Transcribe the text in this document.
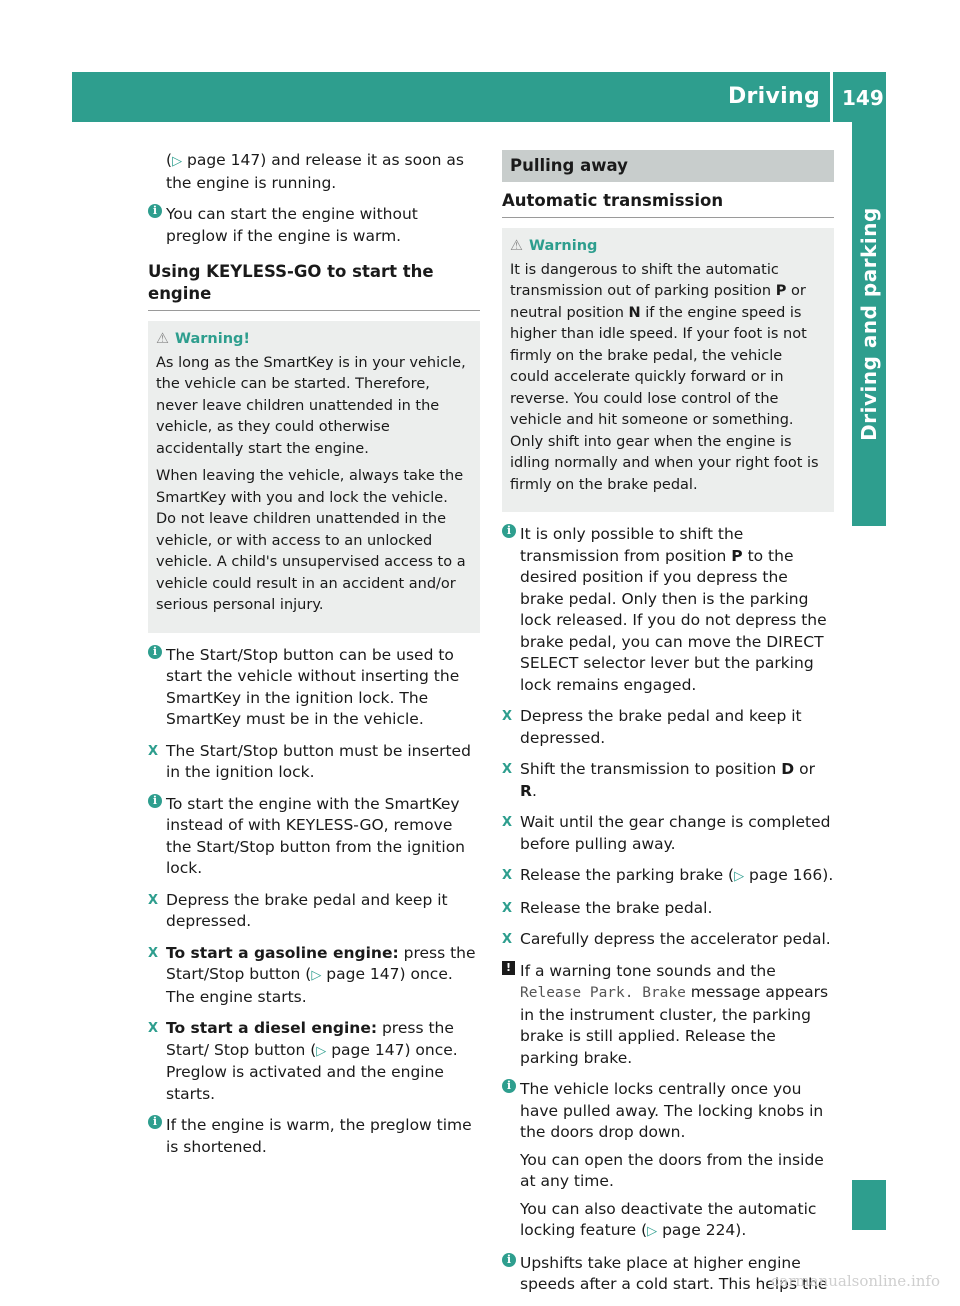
Driving 149
Driving and parking

(▷ page 147) and release it as soon as the engine is running.

i You can start the engine without preglow if the engine is warm.
Using KEYLESS-GO to start the engine
⚠ Warning!

As long as the SmartKey is in your vehicle, the vehicle can be started. Therefore, never leave children unattended in the vehicle, as they could otherwise accidentally start the engine.

When leaving the vehicle, always take the SmartKey with you and lock the vehicle. Do not leave children unattended in the vehicle, or with access to an unlocked vehicle. A child's unsupervised access to a vehicle could result in an accident and/or serious personal injury.

i The Start/Stop button can be used to start the vehicle without inserting the SmartKey in the ignition lock. The SmartKey must be in the vehicle.
X The Start/Stop button must be inserted in the ignition lock.
i To start the engine with the SmartKey instead of with KEYLESS-GO, remove the Start/Stop button from the ignition lock.
X Depress the brake pedal and keep it depressed.
X To start a gasoline engine: press the Start/Stop button (▷ page 147) once.
The engine starts.
X To start a diesel engine: press the Start/ Stop button (▷ page 147) once.
Preglow is activated and the engine starts.
i If the engine is warm, the preglow time is shortened.
Pulling away
Automatic transmission
⚠ Warning

It is dangerous to shift the automatic transmission out of parking position P or neutral position N if the engine speed is higher than idle speed. If your foot is not firmly on the brake pedal, the vehicle could accelerate quickly forward or in reverse. You could lose control of the vehicle and hit someone or something. Only shift into gear when the engine is idling normally and when your right foot is firmly on the brake pedal.

i It is only possible to shift the transmission from position P to the desired position if you depress the brake pedal. Only then is the parking lock released. If you do not depress the brake pedal, you can move the DIRECT SELECT selector lever but the parking lock remains engaged.
X Depress the brake pedal and keep it depressed.
X Shift the transmission to position D or R.
X Wait until the gear change is completed before pulling away.
X Release the parking brake (▷ page 166).
X Release the brake pedal.
X Carefully depress the accelerator pedal.
! If a warning tone sounds and the Release Park. Brake message appears in the instrument cluster, the parking brake is still applied. Release the parking brake.
i The vehicle locks centrally once you have pulled away. The locking knobs in the doors drop down.
You can open the doors from the inside at any time.
You can also deactivate the automatic locking feature (▷ page 224).
i Upshifts take place at higher engine speeds after a cold start. This helps the
carmanualsonline.info
